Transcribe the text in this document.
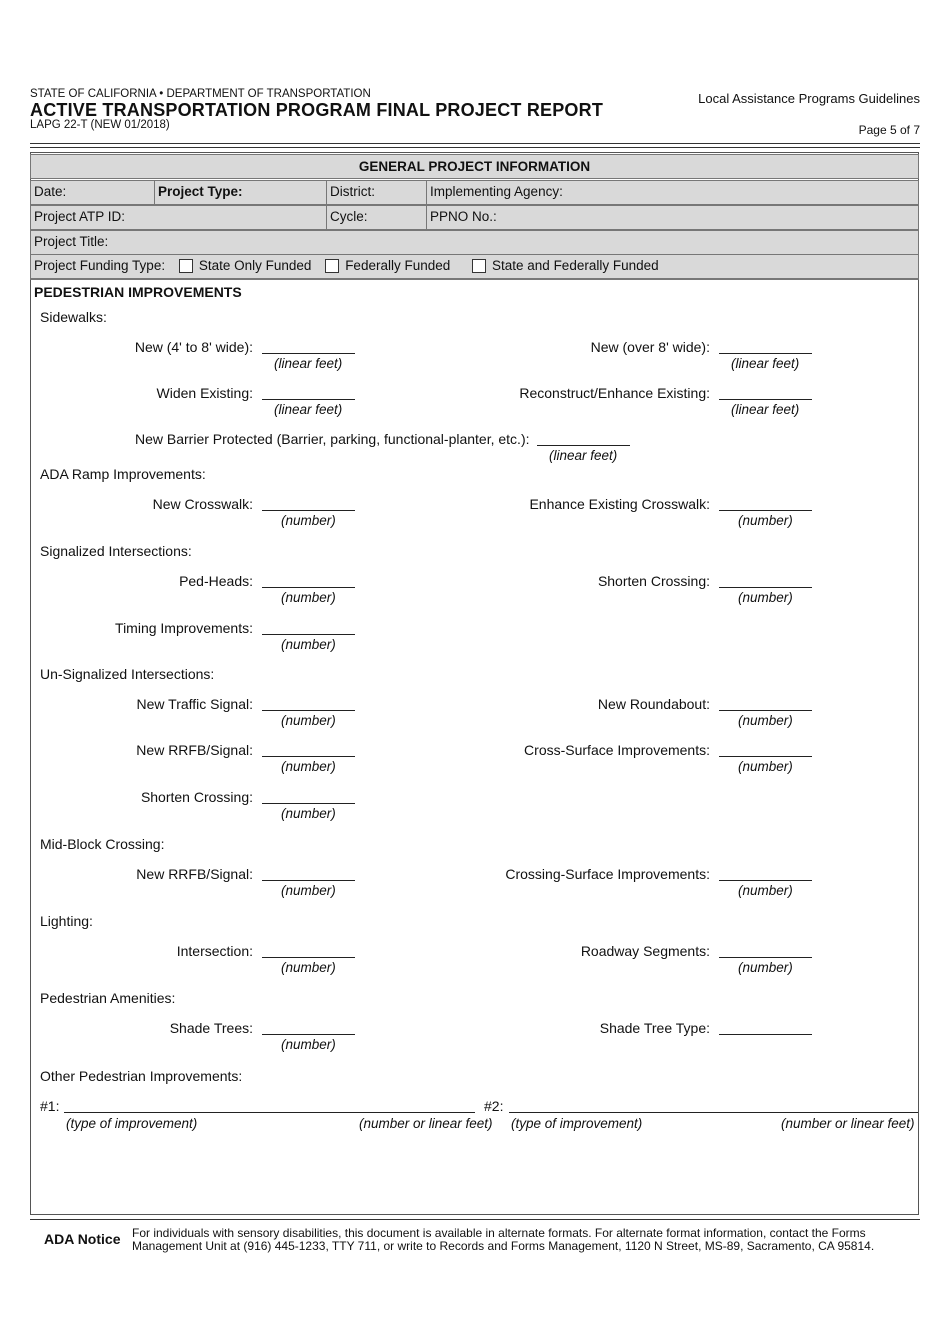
STATE OF CALIFORNIA • DEPARTMENT OF TRANSPORTATION
ACTIVE TRANSPORTATION PROGRAM FINAL PROJECT REPORT
LAPG 22-T (NEW 01/2018)
Local Assistance Programs Guidelines
Page 5 of 7
GENERAL PROJECT INFORMATION
Date:	Project Type:	District:	Implementing Agency:
Project ATP ID:	Cycle:	PPNO No.:
Project Title:
Project Funding Type:	State Only Funded	Federally Funded	State and Federally Funded
PEDESTRIAN IMPROVEMENTS
Sidewalks:
New (4' to 8' wide):
(linear feet)
New (over 8' wide):
(linear feet)
Widen Existing:
(linear feet)
Reconstruct/Enhance Existing:
(linear feet)
New Barrier Protected (Barrier, parking, functional-planter, etc.):
(linear feet)
ADA Ramp Improvements:
New Crosswalk:
(number)
Enhance Existing Crosswalk:
(number)
Signalized Intersections:
Ped-Heads:
(number)
Shorten Crossing:
(number)
Timing Improvements:
(number)
Un-Signalized Intersections:
New Traffic Signal:
(number)
New Roundabout:
(number)
New RRFB/Signal:
(number)
Cross-Surface Improvements:
(number)
Shorten Crossing:
(number)
Mid-Block Crossing:
New RRFB/Signal:
(number)
Crossing-Surface Improvements:
(number)
Lighting:
Intersection:
(number)
Roadway Segments:
(number)
Pedestrian Amenities:
Shade Trees:
(number)
Shade Tree Type:
Other Pedestrian Improvements:
#1:
(type of improvement)	(number or linear feet)
#2:
(type of improvement)	(number or linear feet)
ADA Notice For individuals with sensory disabilities, this document is available in alternate formats. For alternate format information, contact the Forms
Management Unit at (916) 445-1233, TTY 711, or write to Records and Forms Management, 1120 N Street, MS-89, Sacramento, CA 95814.
